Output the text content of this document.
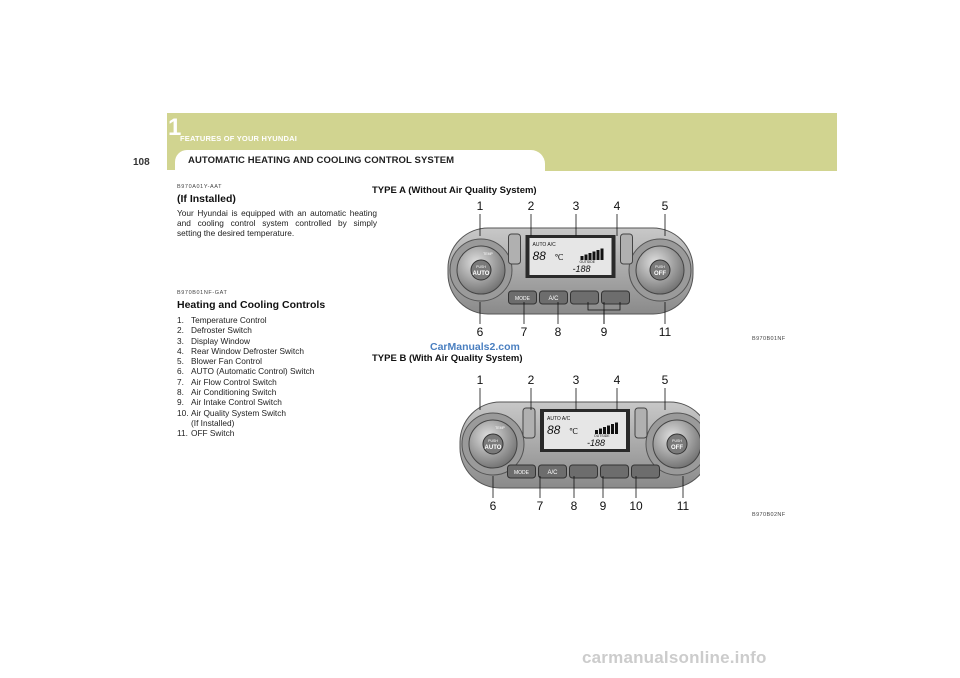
1
FEATURES OF YOUR HYUNDAI
108	AUTOMATIC HEATING AND COOLING CONTROL SYSTEM
B970A01Y-AAT
(If Installed)
Your Hyundai is equipped with an automatic heating and cooling control system controlled by simply setting the desired temperature.
B970B01NF-GAT
Heating and Cooling Controls
1. Temperature Control
2. Defroster Switch
3. Display Window
4. Rear Window Defroster Switch
5. Blower Fan Control
6. AUTO (Automatic Control) Switch
7. Air Flow Control Switch
8. Air Conditioning Switch
9. Air Intake Control Switch
10. Air Quality System Switch
(If Installed)
11. OFF Switch
TYPE A (Without Air Quality System)
1	2	3	4	5
6	7 8	9	11
PUSH
AUTO
TEMP
PUSH
OFF
AUTO A/C
88 ℃	OUTSIDE
-188
MODE	A/C
B970B01NF
CarManuals2.com
TYPE B (With Air Quality System)
1	2	3	4	5
6	7 8 9 10	11
PUSH
AUTO
TEMP
PUSH
OFF
AUTO A/C
88 ℃	OUTSIDE
-188
MODE	A/C
B970B02NF
carmanualsonline.info
